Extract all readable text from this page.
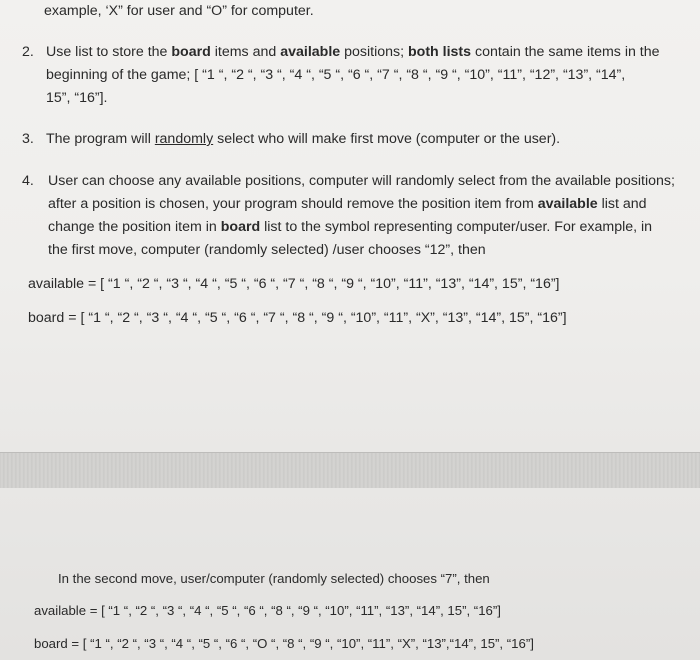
example, ‘X” for user and “O” for computer.
2. Use list to store the board items and available positions; both lists contain the same items in the
beginning of the game; [ “1 “, “2 “, “3 “, “4 “, “5 “, “6 “, “7 “, “8 “, “9 “, “10”, “11”, “12”, “13”, “14”,
15”, “16”].
3. The program will randomly select who will make first move (computer or the user).
4. User can choose any available positions, computer will randomly select from the available positions;
after a position is chosen, your program should remove the position item from available list and
change the position item in board list to the symbol representing computer/user. For example, in
the first move, computer (randomly selected) /user chooses “12”, then
available = [ “1 “, “2 “, “3 “, “4 “, “5 “, “6 “, “7 “, “8 “, “9 “, “10”, “11”, “13”, “14”, 15”, “16”]
board = [ “1 “, “2 “, “3 “, “4 “, “5 “, “6 “, “7 “, “8 “, “9 “, “10”, “11”, “X”, “13”, “14”, 15”, “16”]
In the second move, user/computer (randomly selected) chooses “7”, then
available = [ “1 “, “2 “, “3 “, “4 “, “5 “, “6 “, “8 “, “9 “, “10”, “11”, “13”, “14”, 15”, “16”]
board = [ “1 “, “2 “, “3 “, “4 “, “5 “, “6 “, “O “, “8 “, “9 “, “10”, “11”, “X”, “13”,“14”, 15”, “16”]
